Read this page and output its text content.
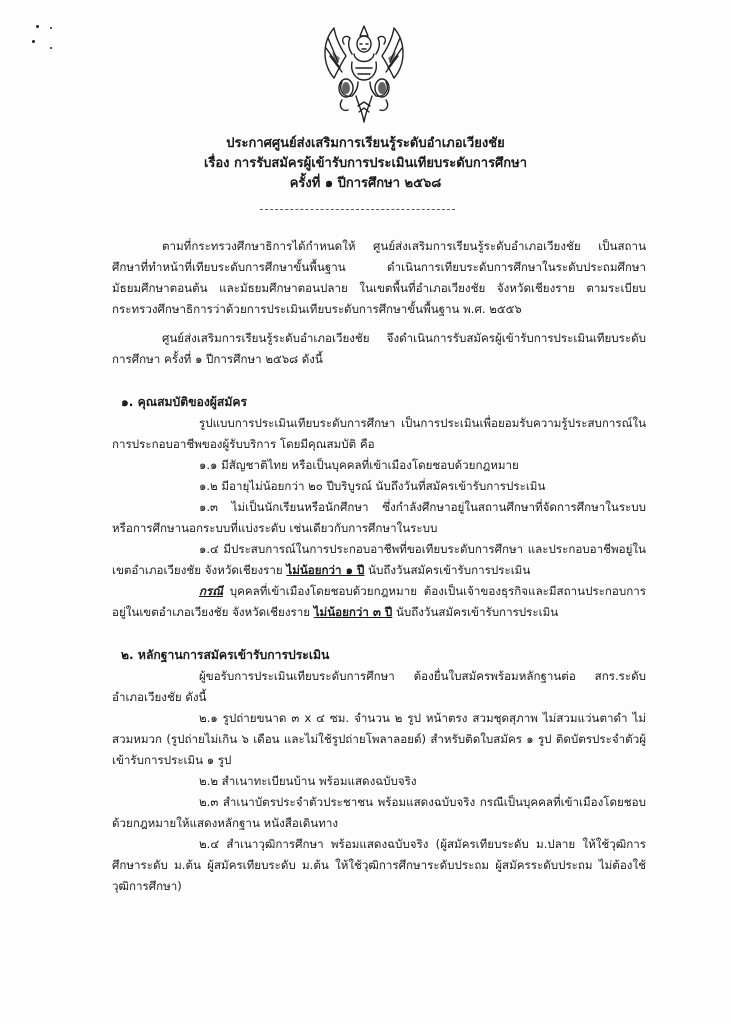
ประกาศศูนย์ส่งเสริมการเรียนรู้ระดับอำเภอเวียงชัย
เรื่อง การรับสมัครผู้เข้ารับการประเมินเทียบระดับการศึกษา
ครั้งที่ ๑ ปีการศึกษา ๒๕๖๘

ตามที่กระทรวงศึกษาธิการได้กำหนดให้ ศูนย์ส่งเสริมการเรียนรู้ระดับอำเภอเวียงชัย เป็นสถานศึกษาที่ทำหน้าที่เทียบระดับการศึกษาขั้นพื้นฐาน ดำเนินการเทียบระดับการศึกษาในระดับประถมศึกษา มัธยมศึกษาตอนต้น และมัธยมศึกษาตอนปลาย ในเขตพื้นที่อำเภอเวียงชัย จังหวัดเชียงราย ตามระเบียบกระทรวงศึกษาธิการว่าด้วยการประเมินเทียบระดับการศึกษาขั้นพื้นฐาน พ.ศ. ๒๕๕๖

ศูนย์ส่งเสริมการเรียนรู้ระดับอำเภอเวียงชัย จึงดำเนินการรับสมัครผู้เข้ารับการประเมินเทียบระดับการศึกษา ครั้งที่ ๑ ปีการศึกษา ๒๕๖๘ ดังนี้

๑. คุณสมบัติของผู้สมัคร

รูปแบบการประเมินเทียบระดับการศึกษา เป็นการประเมินเพื่อยอมรับความรู้ประสบการณ์ในการประกอบอาชีพของผู้รับบริการ โดยมีคุณสมบัติ คือ

๑.๑ มีสัญชาติไทย หรือเป็นบุคคลที่เข้าเมืองโดยชอบด้วยกฎหมาย

๑.๒ มีอายุไม่น้อยกว่า ๒๐ ปีบริบูรณ์ นับถึงวันที่สมัครเข้ารับการประเมิน

๑.๓ ไม่เป็นนักเรียนหรือนักศึกษา ซึ่งกำลังศึกษาอยู่ในสถานศึกษาที่จัดการศึกษาในระบบหรือการศึกษานอกระบบที่แบ่งระดับ เช่นเดียวกับการศึกษาในระบบ

๑.๔ มีประสบการณ์ในการประกอบอาชีพที่ขอเทียบระดับการศึกษา และประกอบอาชีพอยู่ในเขตอำเภอเวียงชัย จังหวัดเชียงราย ไม่น้อยกว่า ๑ ปี นับถึงวันสมัครเข้ารับการประเมิน

กรณี บุคคลที่เข้าเมืองโดยชอบด้วยกฎหมาย ต้องเป็นเจ้าของธุรกิจและมีสถานประกอบการอยู่ในเขตอำเภอเวียงชัย จังหวัดเชียงราย ไม่น้อยกว่า ๓ ปี นับถึงวันสมัครเข้ารับการประเมิน

๒. หลักฐานการสมัครเข้ารับการประเมิน

ผู้ขอรับการประเมินเทียบระดับการศึกษา ต้องยื่นใบสมัครพร้อมหลักฐานต่อ สกร.ระดับอำเภอเวียงชัย ดังนี้

๒.๑ รูปถ่ายขนาด ๓ x ๔ ซม. จำนวน ๒ รูป หน้าตรง สวมชุดสุภาพ ไม่สวมแว่นตาดำ ไม่สวมหมวก (รูปถ่ายไม่เกิน ๖ เดือน และไม่ใช้รูปถ่ายโพลาลอยด์) สำหรับติดใบสมัคร ๑ รูป ติดบัตรประจำตัวผู้เข้ารับการประเมิน ๑ รูป

๒.๒ สำเนาทะเบียนบ้าน พร้อมแสดงฉบับจริง

๒.๓ สำเนาบัตรประจำตัวประชาชน พร้อมแสดงฉบับจริง กรณีเป็นบุคคลที่เข้าเมืองโดยชอบด้วยกฎหมายให้แสดงหลักฐาน หนังสือเดินทาง

๒.๔ สำเนาวุฒิการศึกษา พร้อมแสดงฉบับจริง (ผู้สมัครเทียบระดับ ม.ปลาย ให้ใช้วุฒิการศึกษาระดับ ม.ต้น ผู้สมัครเทียบระดับ ม.ต้น ให้ใช้วุฒิการศึกษาระดับประถม ผู้สมัครระดับประถม ไม่ต้องใช้วุฒิการศึกษา)
